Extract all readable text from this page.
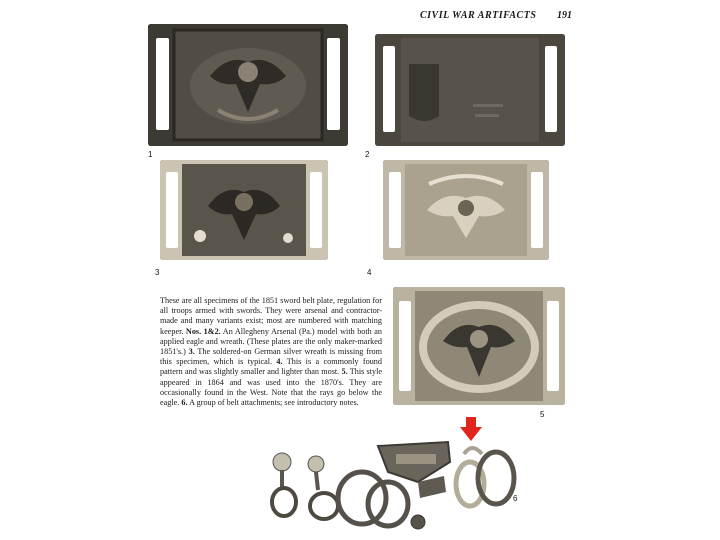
CIVIL WAR ARTIFACTS	191
1	2
3	4
These are all specimens of the 1851 sword belt plate, regulation for all troops armed with swords. They were arsenal and contractor-made and many variants exist; most are numbered with matching keeper. Nos. 1&2. An Allegheny Arsenal (Pa.) model with both an applied eagle and wreath. (These plates are the only maker-marked 1851's.) 3. The soldered-on German silver wreath is missing from this specimen, which is typical. 4. This is a commonly found pattern and was slightly smaller and lighter than most. 5. This style appeared in 1864 and was used into the 1870's. They are occasionally found in the West. Note that the rays go below the eagle. 6. A group of belt attachments; see introductory notes.
5
6
